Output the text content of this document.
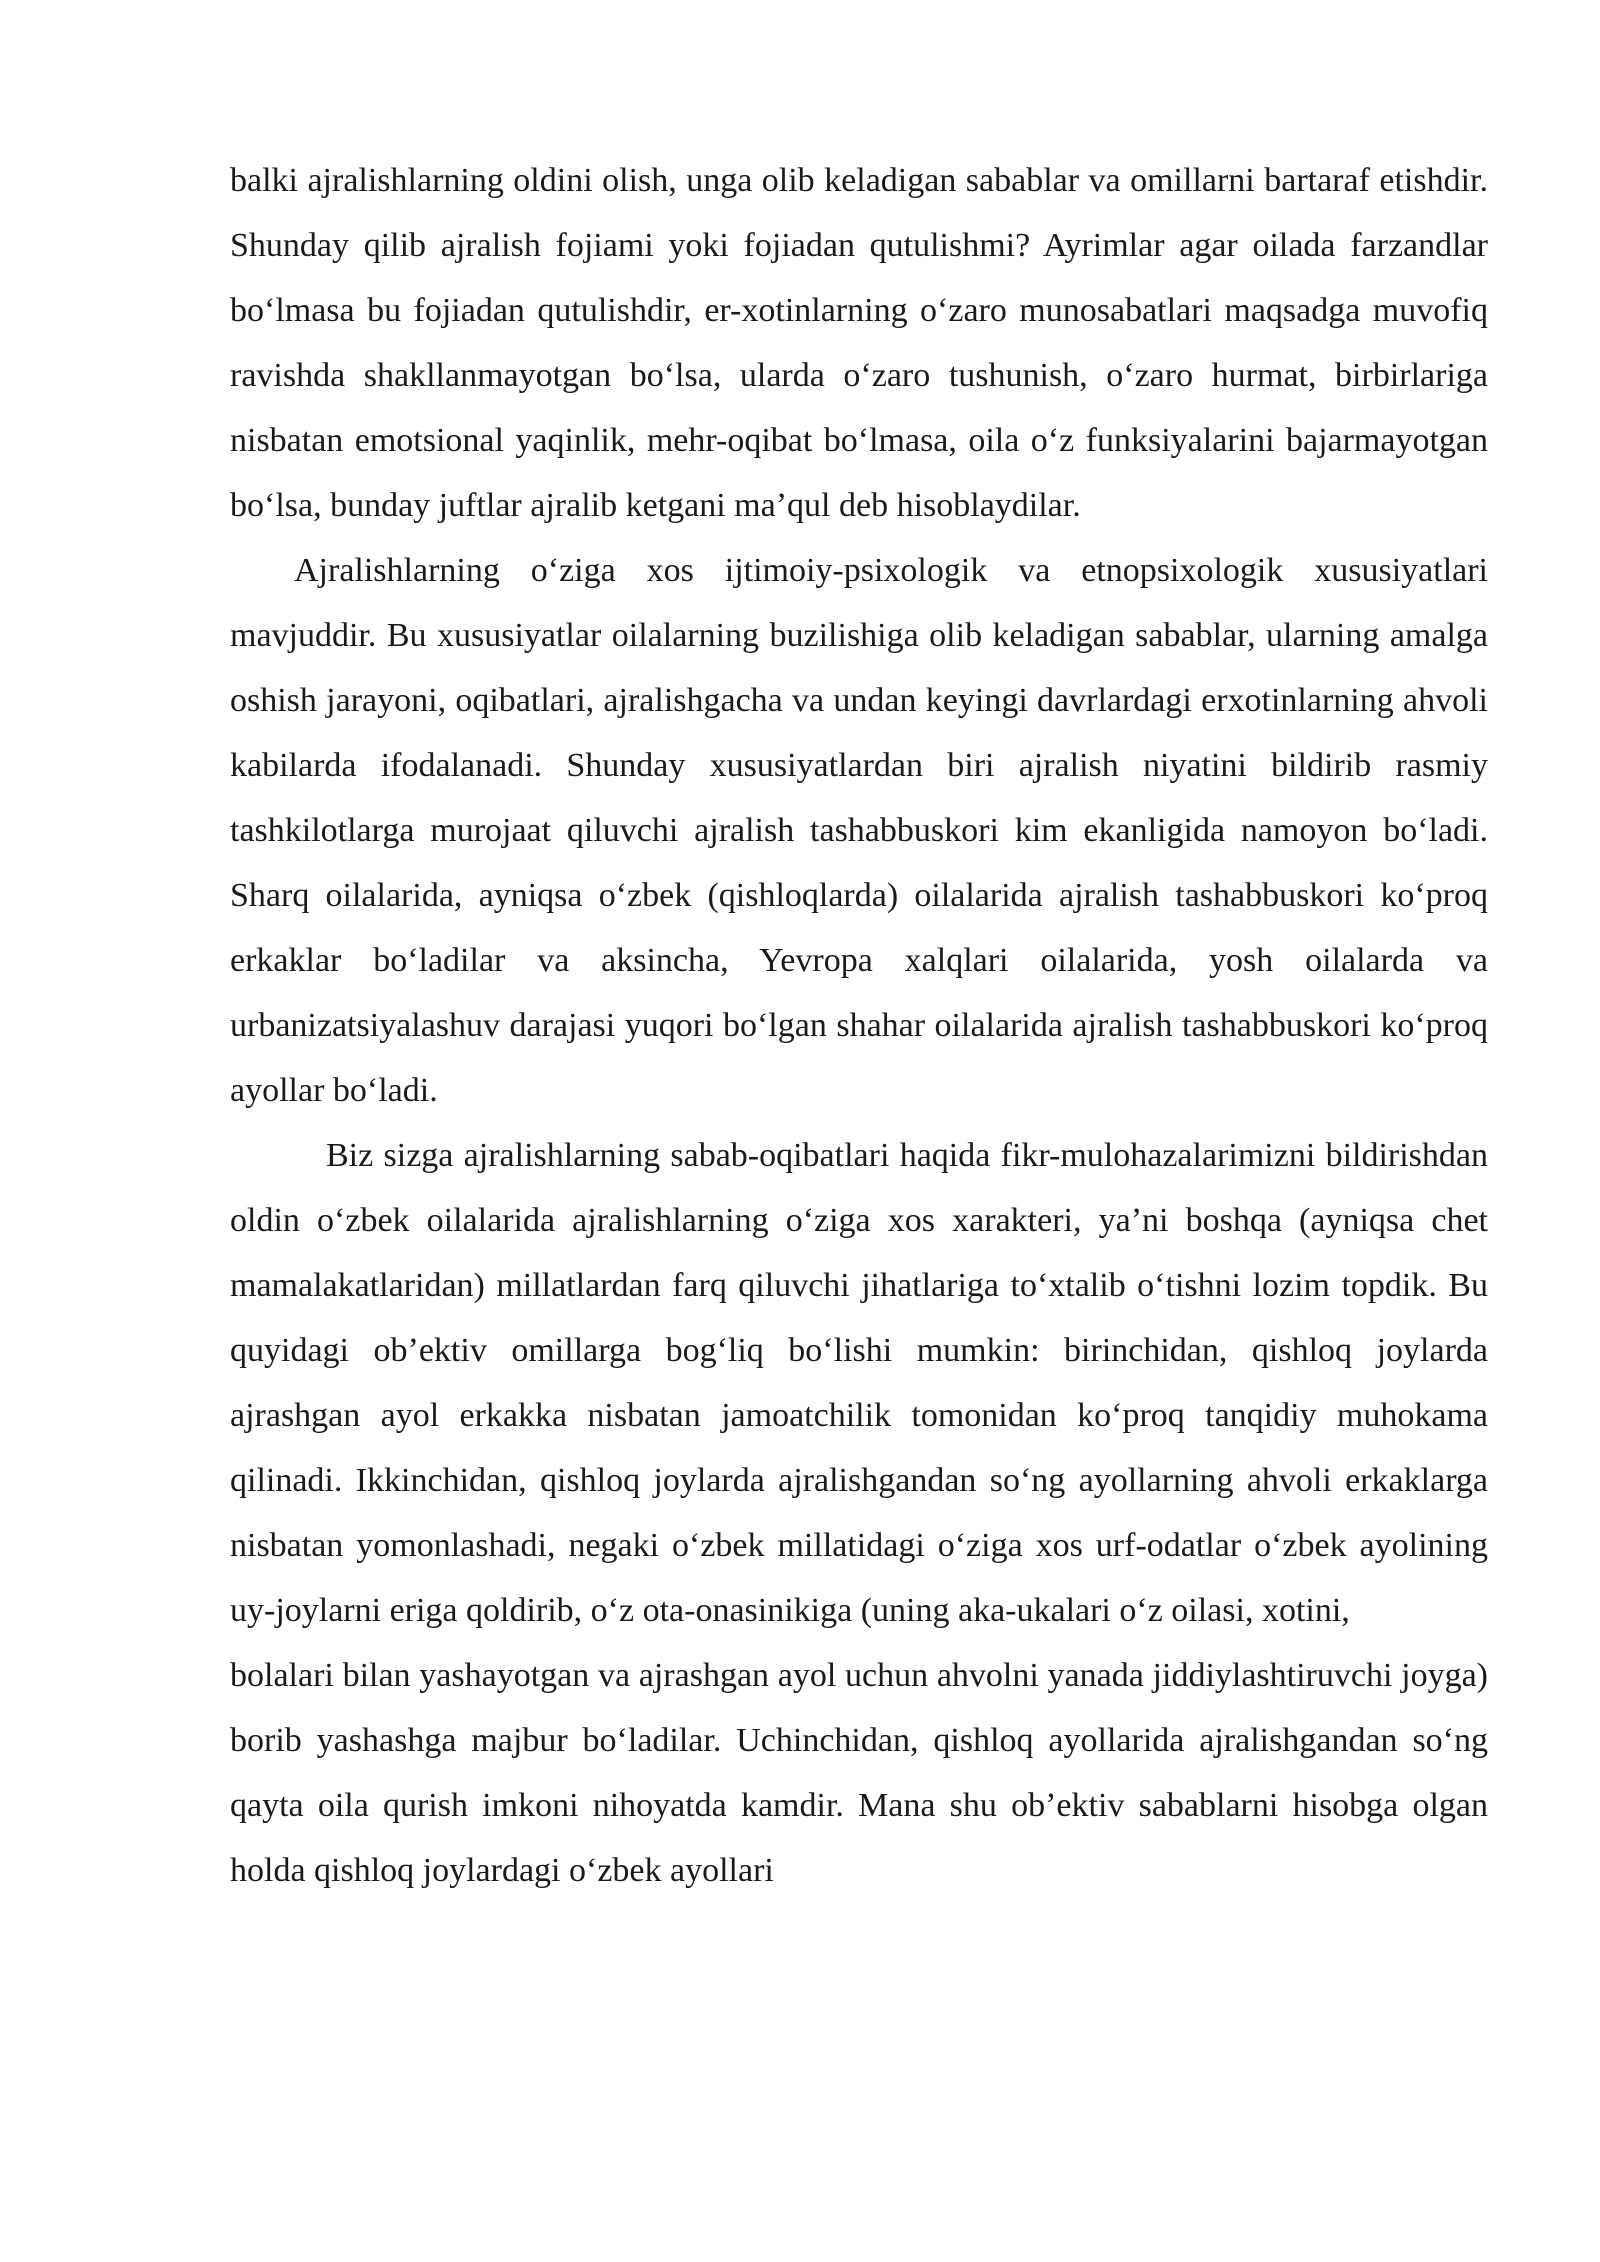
balki ajralishlarning oldini olish, unga olib keladigan sabablar va omillarni bartaraf etishdir. Shunday qilib ajralish fojiami yoki fojiadan qutulishmi? Ayrimlar agar oilada farzandlar boʻlmasa bu fojiadan qutulishdir, er-xotinlarning oʻzaro munosabatlari maqsadga muvofiq ravishda shakllanmayotgan boʻlsa, ularda oʻzaro tushunish, oʻzaro hurmat, birbirlariga nisbatan emotsional yaqinlik, mehr-oqibat boʻlmasa, oila oʻz funksiyalarini bajarmayotgan boʻlsa, bunday juftlar ajralib ketgani maʼqul deb hisoblaydilar.

Ajralishlarning oʻziga xos ijtimoiy-psixologik va etnopsixologik xususiyatlari mavjuddir. Bu xususiyatlar oilalarning buzilishiga olib keladigan sabablar, ularning amalga oshish jarayoni, oqibatlari, ajralishgacha va undan keyingi davrlardagi erxotinlarning ahvoli kabilarda ifodalanadi. Shunday xususiyatlardan biri ajralish niyatini bildirib rasmiy tashkilotlarga murojaat qiluvchi ajralish tashabbuskori kim ekanligida namoyon boʻladi. Sharq oilalarida, ayniqsa oʻzbek (qishloqlarda) oilalarida ajralish tashabbuskori koʻproq erkaklar boʻladilar va aksincha, Yevropa xalqlari oilalarida, yosh oilalarda va urbanizatsiyalashuv darajasi yuqori boʻlgan shahar oilalarida ajralish tashabbuskori koʻproq ayollar boʻladi.

Biz sizga ajralishlarning sabab-oqibatlari haqida fikr-mulohazalarimizni bildirishdan oldin oʻzbek oilalarida ajralishlarning oʻziga xos xarakteri, yaʼni boshqa (ayniqsa chet mamalakatlaridan) millatlardan farq qiluvchi jihatlariga toʻxtalib oʻtishni lozim topdik. Bu quyidagi obʼektiv omillarga bogʻliq boʻlishi mumkin: birinchidan, qishloq joylarda ajrashgan ayol erkakka nisbatan jamoatchilik tomonidan koʻproq tanqidiy muhokama qilinadi. Ikkinchidan, qishloq joylarda ajralishgandan soʻng ayollarning ahvoli erkaklarga nisbatan yomonlashadi, negaki oʻzbek millatidagi oʻziga xos urf-odatlar oʻzbek ayolining uy-joylarni eriga qoldirib, oʻz ota-onasinikiga (uning aka-ukalari oʻz oilasi, xotini,

bolalari bilan yashayotgan va ajrashgan ayol uchun ahvolni yanada jiddiylashtiruvchi joyga) borib yashashga majbur boʻladilar. Uchinchidan, qishloq ayollarida ajralishgandan soʻng qayta oila qurish imkoni nihoyatda kamdir. Mana shu obʼektiv sabablarni hisobga olgan holda qishloq joylardagi oʻzbek ayollari
